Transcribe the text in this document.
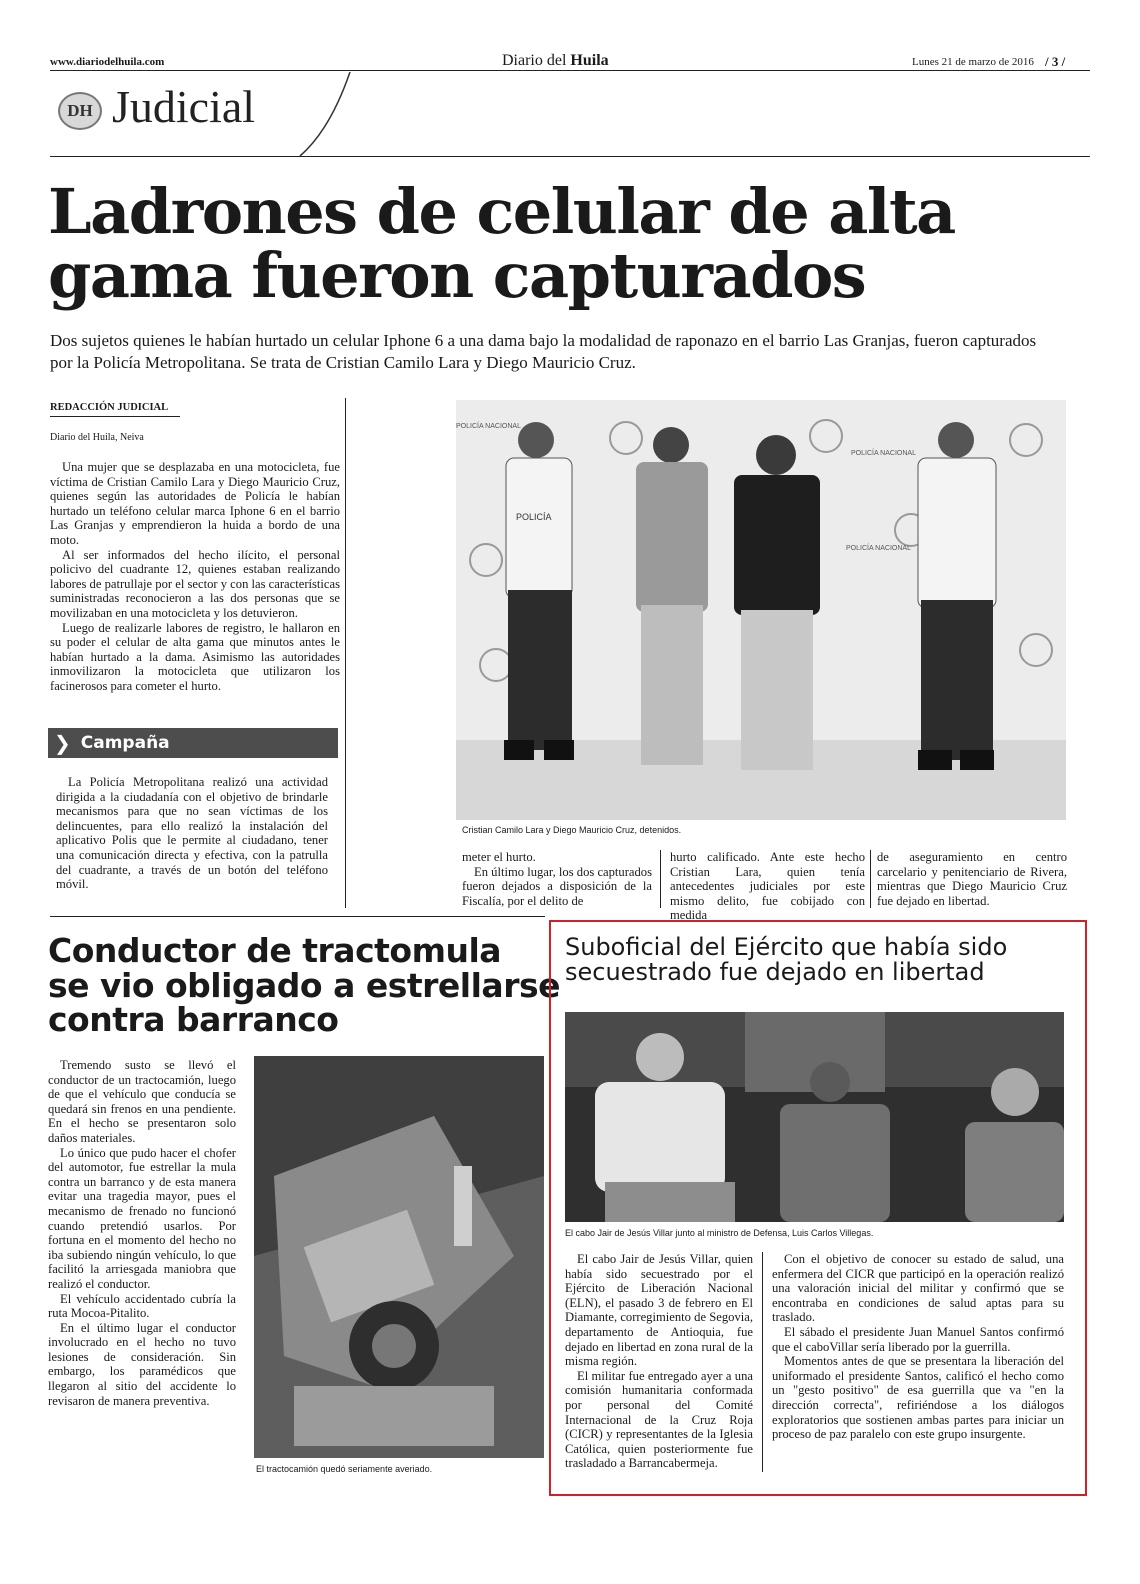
www.diariodelhuila.com	Diario del Huila	Lunes 21 de marzo de 2016 / 3 /
DH Judicial
Ladrones de celular de alta
gama fueron capturados
Dos sujetos quienes le habían hurtado un celular Iphone 6 a una dama bajo la modalidad de raponazo en el barrio Las Granjas, fueron capturados por la Policía Metropolitana. Se trata de Cristian Camilo Lara y Diego Mauricio Cruz.
REDACCIÓN JUDICIAL
Diario del Huila, Neiva

Una mujer que se desplazaba en una motocicleta, fue víctima de Cristian Camilo Lara y Diego Mauricio Cruz, quienes según las autoridades de Policía le habían hurtado un teléfono celular marca Iphone 6 en el barrio Las Granjas y emprendieron la huida a bordo de una moto.

Al ser informados del hecho ilícito, el personal policivo del cuadrante 12, quienes estaban realizando labores de patrullaje por el sector y con las características suministradas reconocieron a las dos personas que se movilizaban en una motocicleta y los detuvieron.

Luego de realizarle labores de registro, le hallaron en su poder el celular de alta gama que minutos antes le habían hurtado a la dama. Asimismo las autoridades inmovilizaron la motocicleta que utilizaron los facinerosos para cometer el hurto.

❯ Campaña

La Policía Metropolitana realizó una actividad dirigida a la ciudadanía con el objetivo de brindarle mecanismos para que no sean víctimas de los delincuentes, para ello realizó la instalación del aplicativo Polis que le permite al ciudadano, tener una comunicación directa y efectiva, con la patrulla del cuadrante, a través de un botón del teléfono móvil.

POLICÍA NACIONAL
POLICÍA NACIONAL
POLICÍA NACIONAL
POLICÍA
Cristian Camilo Lara y Diego Mauricio Cruz, detenidos.

meter el hurto.

En último lugar, los dos capturados fueron dejados a disposición de la Fiscalía, por el delito de

hurto calificado. Ante este hecho Cristian Lara, quien tenía antecedentes judiciales por este mismo delito, fue cobijado con medida

de aseguramiento en centro carcelario y penitenciario de Rivera, mientras que Diego Mauricio Cruz fue dejado en libertad.

Conductor de tractomula
se vio obligado a estrellarse
contra barranco

Tremendo susto se llevó el conductor de un tractocamión, luego de que el vehículo que conducía se quedará sin frenos en una pendiente. En el hecho se presentaron solo daños materiales.

Lo único que pudo hacer el chofer del automotor, fue estrellar la mula contra un barranco y de esta manera evitar una tragedia mayor, pues el mecanismo de frenado no funcionó cuando pretendió usarlos. Por fortuna en el momento del hecho no iba subiendo ningún vehículo, lo que facilitó la arriesgada maniobra que realizó el conductor.

El vehículo accidentado cubría la ruta Mocoa-Pitalito.

En el último lugar el conductor involucrado en el hecho no tuvo lesiones de consideración. Sin embargo, los paramédicos que llegaron al sitio del accidente lo revisaron de manera preventiva.

El tractocamión quedó seriamente averiado.
Suboficial del Ejército que había sido
secuestrado fue dejado en libertad
El cabo Jair de Jesús Villar junto al ministro de Defensa, Luis Carlos Villegas.

El cabo Jair de Jesús Villar, quien había sido secuestrado por el Ejército de Liberación Nacional (ELN), el pasado 3 de febrero en El Diamante, corregimiento de Segovia, departamento de Antioquia, fue dejado en libertad en zona rural de la misma región.

El militar fue entregado ayer a una comisión humanitaria conformada por personal del Comité Internacional de la Cruz Roja (CICR) y representantes de la Iglesia Católica, quien posteriormente fue trasladado a Barrancabermeja.

Con el objetivo de conocer su estado de salud, una enfermera del CICR que participó en la operación realizó una valoración inicial del militar y confirmó que se encontraba en condiciones de salud aptas para su traslado.

El sábado el presidente Juan Manuel Santos confirmó que el caboVillar sería liberado por la guerrilla.

Momentos antes de que se presentara la liberación del uniformado el presidente Santos, calificó el hecho como un "gesto positivo" de esa guerrilla que va "en la dirección correcta", refiriéndose a los diálogos exploratorios que sostienen ambas partes para iniciar un proceso de paz paralelo con este grupo insurgente.
